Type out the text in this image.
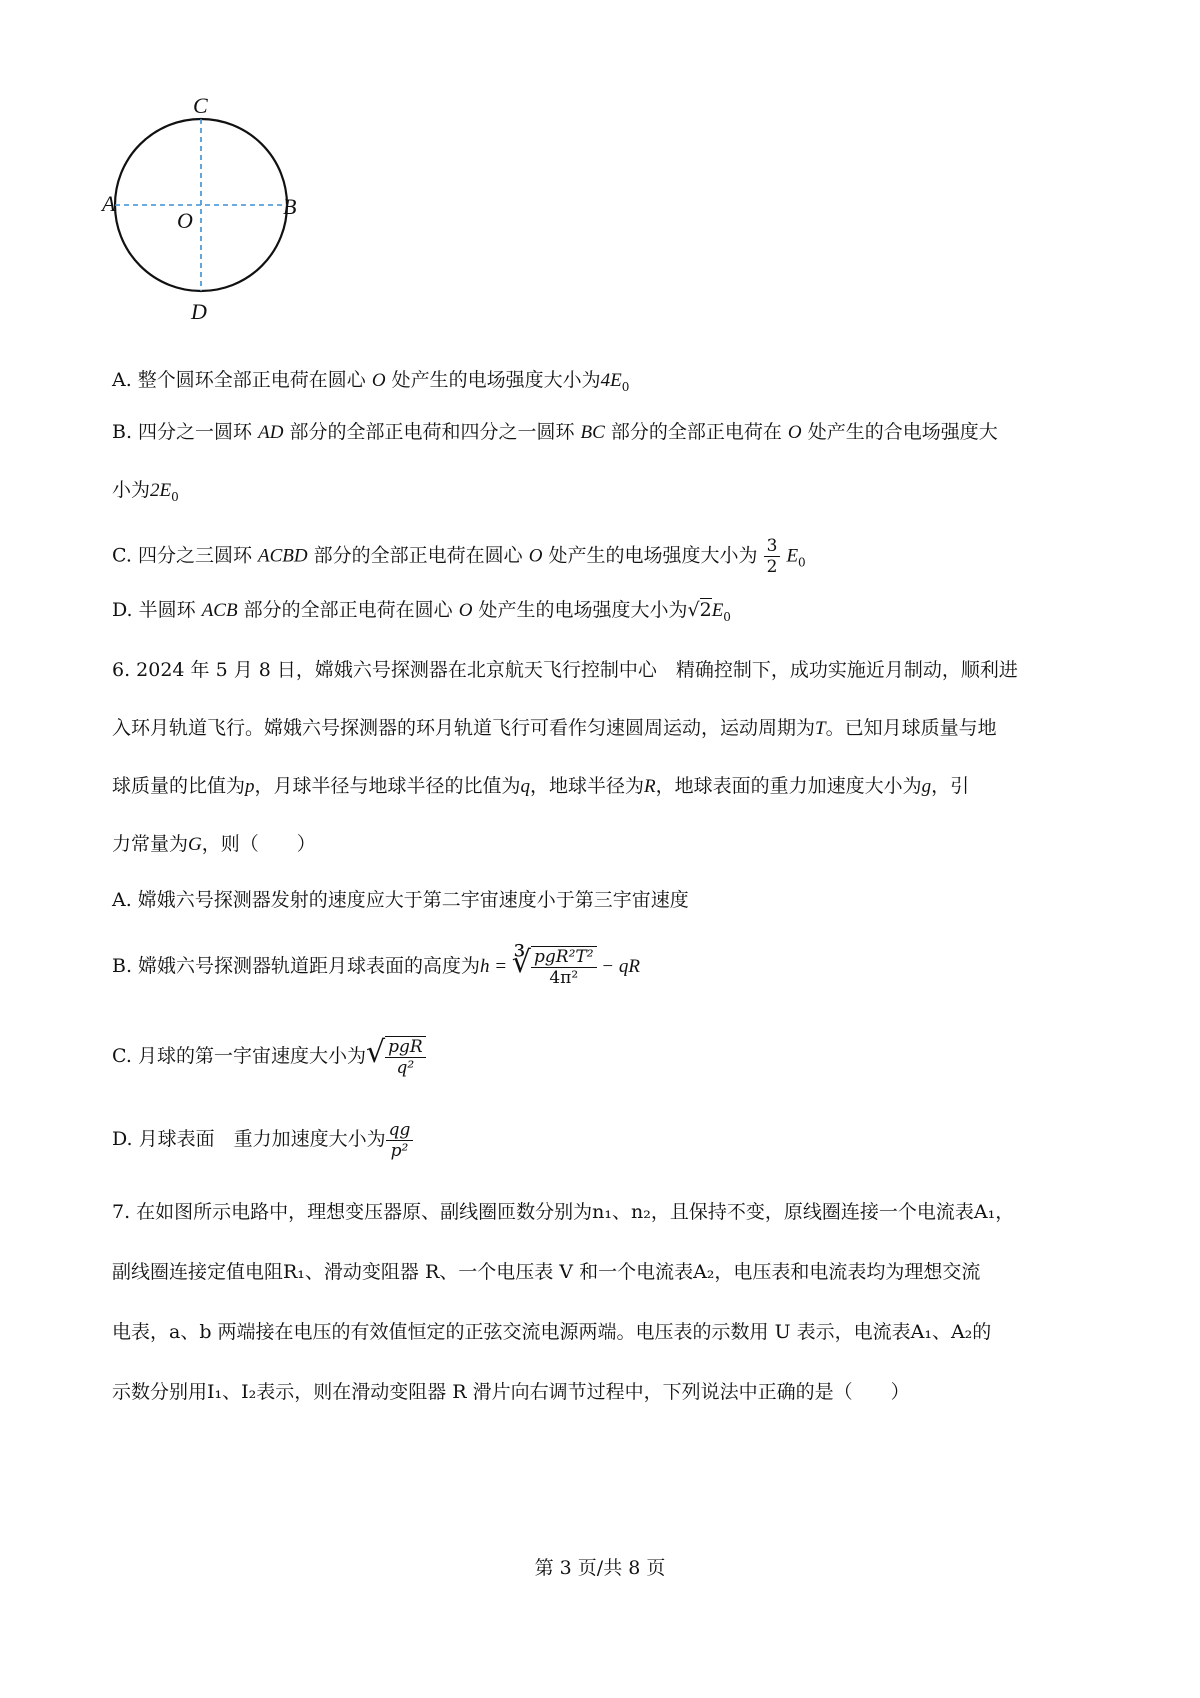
C
A
O
B
D
A. 整个圆环全部正电荷在圆心 O 处产生的电场强度大小为$4E_0$
B. 四分之一圆环 AD 部分的全部正电荷和四分之一圆环 BC 部分的全部正电荷在 O 处产生的合电场强度大
小为$2E_0$
C. 四分之三圆环 ACBD 部分的全部正电荷在圆心 O 处产生的电场强度大小为 $\frac{3}{2} E_0$
D. 半圆环 ACB 部分的全部正电荷在圆心 O 处产生的电场强度大小为$√2E_0$
6. 2024 年 5 月 8 日，嫦娥六号探测器在北京航天飞行控制中心　精确控制下，成功实施近月制动，顺利进
入环月轨道飞行。嫦娥六号探测器的环月轨道飞行可看作匀速圆周运动，运动周期为T。已知月球质量与地
球质量的比值为p，月球半径与地球半径的比值为q，地球半径为R，地球表面的重力加速度大小为g，引
力常量为G，则（　　）
A. 嫦娥六号探测器发射的速度应大于第二宇宙速度小于第三宇宙速度
B. 嫦娥六号探测器轨道距月球表面的高度为h = ∛ $\frac{\text{pgR²T²}}{\text{4π²}}$ − qR
C. 月球的第一宇宙速度大小为√ $\frac{\text{pgR}}{\text{q²}}$
D. 月球表面　重力加速度大小为 $\frac{qg}{\text{p²}}$
7. 在如图所示电路中，理想变压器原、副线圈匝数分别为n₁、n₂，且保持不变，原线圈连接一个电流表A₁，
副线圈连接定值电阻R₁、滑动变阻器 R、一个电压表 V 和一个电流表A₂，电压表和电流表均为理想交流
电表，a、b 两端接在电压的有效值恒定的正弦交流电源两端。电压表的示数用 U 表示，电流表A₁、A₂的
示数分别用I₁、I₂表示，则在滑动变阻器 R 滑片向右调节过程中，下列说法中正确的是（　　）
第 3 页/共 8 页
